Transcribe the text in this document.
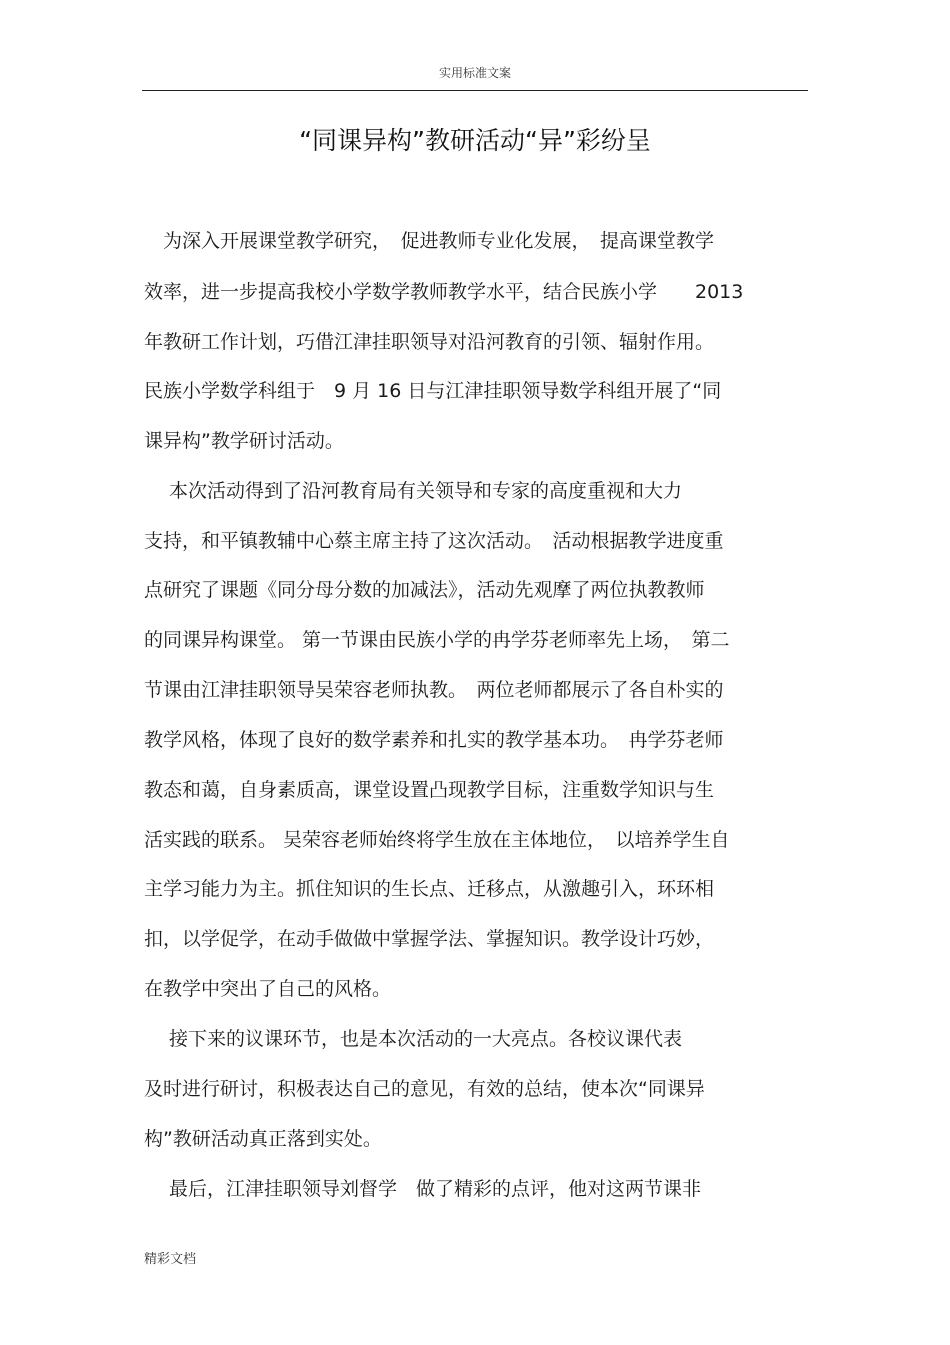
实用标准文案
“同课异构”教研活动“异”彩纷呈
　为深入开展课堂教学研究，　促进教师专业化发展，　提高课堂教学
效率，进一步提高我校小学数学教师教学水平，结合民族小学　　2013
年教研工作计划，巧借江津挂职领导对沿河教育的引领、辐射作用。
民族小学数学科组于　9 月 16 日与江津挂职领导数学科组开展了“同
课异构”教学研讨活动。
　 本次活动得到了沿河教育局有关领导和专家的高度重视和大力
支持，和平镇教辅中心蔡主席主持了这次活动。　活动根据教学进度重
点研究了课题《同分母分数的加减法》，活动先观摩了两位执教教师
的同课异构课堂。 第一节课由民族小学的冉学芬老师率先上场，　第二
节课由江津挂职领导吴荣容老师执教。　两位老师都展示了各自朴实的
教学风格，体现了良好的数学素养和扎实的教学基本功。　冉学芬老师
教态和蔼，自身素质高，课堂设置凸现教学目标，注重数学知识与生
活实践的联系。 吴荣容老师始终将学生放在主体地位，　以培养学生自
主学习能力为主。抓住知识的生长点、迁移点，从激趣引入，环环相
扣，以学促学，在动手做做中掌握学法、掌握知识。教学设计巧妙，
在教学中突出了自己的风格。
　 接下来的议课环节，也是本次活动的一大亮点。各校议课代表
及时进行研讨，积极表达自己的意见，有效的总结，使本次“同课异
构”教研活动真正落到实处。
　 最后，江津挂职领导刘督学　做了精彩的点评，他对这两节课非
精彩文档
